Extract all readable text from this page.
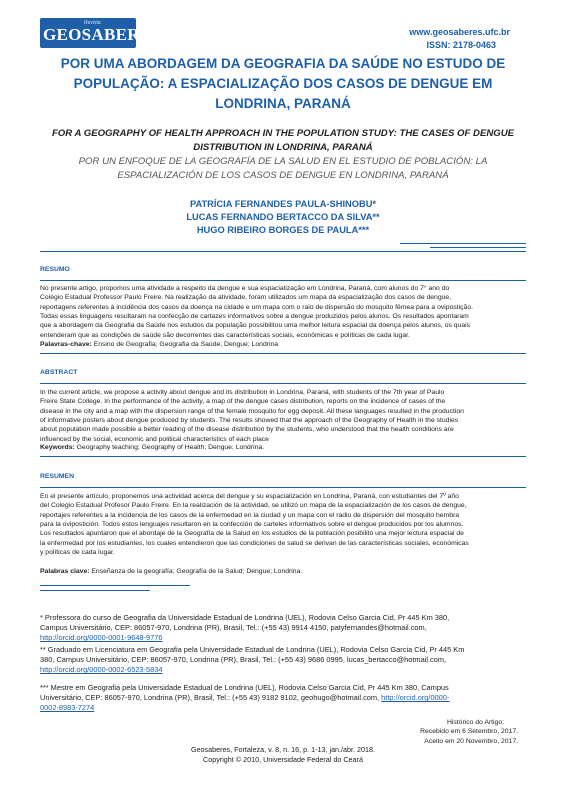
Revista
GEOSABERES	www.geosaberes.ufc.br
ISSN: 2178-0463
POR UMA ABORDAGEM DA GEOGRAFIA DA SAÚDE NO ESTUDO DE
POPULAÇÃO: A ESPACIALIZAÇÃO DOS CASOS DE DENGUE EM
LONDRINA, PARANÁ
FOR A GEOGRAPHY OF HEALTH APPROACH IN THE POPULATION STUDY: THE CASES OF DENGUE
DISTRIBUTION IN LONDRINA, PARANÁ
POR UN ENFOQUE DE LA GEOGRAFÍA DE LA SALUD EN EL ESTUDIO DE POBLACIÓN: LA
ESPACIALIZACIÓN DE LOS CASOS DE DENGUE EN LONDRINA, PARANÁ
PATRÍCIA FERNANDES PAULA-SHINOBU*
LUCAS FERNANDO BERTACCO DA SILVA**
HUGO RIBEIRO BORGES DE PAULA***
RESUMO
No presente artigo, propomos uma atividade a respeito da dengue e sua espacialização em Londrina, Paraná, com alunos do 7° ano do
Colégio Estadual Professor Paulo Freire. Na realização da atividade, foram utilizados um mapa da espacialização dos casos de dengue,
reportagens referentes à incidência dos casos da doença na cidade e um mapa com o raio de dispersão do mosquito fêmea para a ovipostição.
Todas essas linguagens resultaram na confecção de cartazes informativos sobre a dengue produzidos pelos alunos. Os resultados apontaram
que a abordagem da Geografia da Saúde nos estudos da população possibilitou uma melhor leitura espacial da doença pelos alunos, os quais
entenderam que as condições de saúde são decorrentes das características sociais, econômicas e políticas de cada lugar.
Palavras-chave: Ensino de Geografia; Geografia da Saúde; Dengue; Londrina
ABSTRACT
In the current article, we propose a activity about dengue and its distribution in Londrina, Paraná, with students of the 7th year of Paulo
Freire State College. In the performance of the activity, a map of the dengue cases distribution, reports on the incidence of cases of the
disease in the city and a map with the dispersion range of the female mosquito for egg deposit. All these languages resulted in the production
of informative posters about dengue produced by students. The results showed that the approach of the Geography of Health in the studies
about population made possible a better reading of the disease distribution by the students, who understood that the health conditions are
influenced by the social, economic and political characteristics of each place
Keywords: Geography teaching; Geography of Health; Dengue; Londrina.
RESUMEN
En el presente artículo, proponemos una actividad acerca del dengue y su espacialización en Londrina, Paraná, con estudiantes del 7º año
del Colegio Estadual Profesor Paulo Freire. En la realización de la actividad, se utilizó un mapa de la espacialización de los casos de dengue,
reportajes referentes a la incidencia de los casos de la enfermedad en la ciudad y un mapa con el radio de dispersión del mosquito hembra
para la ovipostición. Todos estos lenguajes resultaron en la confección de carteles informativos sobre el dengue producidos por los alumnos.
Los resultados apuntaron que el abordaje de la Geografía de la Salud en los estudios de la población posibilitó una mejor lectura espacial de
la enfermedad por los estudiantes, los cuales entendieron que las condiciones de salud se derivan de las características sociales, económicas
y políticas de cada lugar.
Palabras clave: Enseñanza de la geografía; Geografía de la Salud; Dengue; Londrina.
* Professora do curso de Geografia da Universidade Estadual de Londrina (UEL), Rodovia Celso Garcia Cid, Pr 445 Km 380,
Campus Universitário, CEP: 86057-970, Londrina (PR), Brasil, Tel.: (+55 43) 9914 4150, patyfernandes@hotmail.com,
http://orcid.org/0000-0001-9648-9776
** Graduado em Licenciatura em Geografia pela Universidade Estadual de Londrina (UEL), Rodovia Celso Garcia Cid, Pr 445 Km
380, Campus Universitário, CEP: 86057-970, Londrina (PR), Brasil, Tel.: (+55 43) 9686 0995, lucas_bertacco@hotmail.com,
http://orcid.org/0000-0002-6523-5834
*** Mestre em Geografia pela Universidade Estadual de Londrina (UEL), Rodovia Celso Garcia Cid, Pr 445 Km 380, Campus
Universitário, CEP: 86057-970, Londrina (PR), Brasil, Tel.: (+55 43) 9182 9102, geohugo@hotmail.com, http://orcid.org/0000-
0002-8983-7274
Histórico do Artigo:
Recebido em 6 Setembro, 2017.
Aceito em 20 Novembro, 2017.
Geosaberes, Fortaleza, v. 8, n. 16, p. 1-13, jan./abr. 2018.
Copyright © 2010, Universidade Federal do Ceará
